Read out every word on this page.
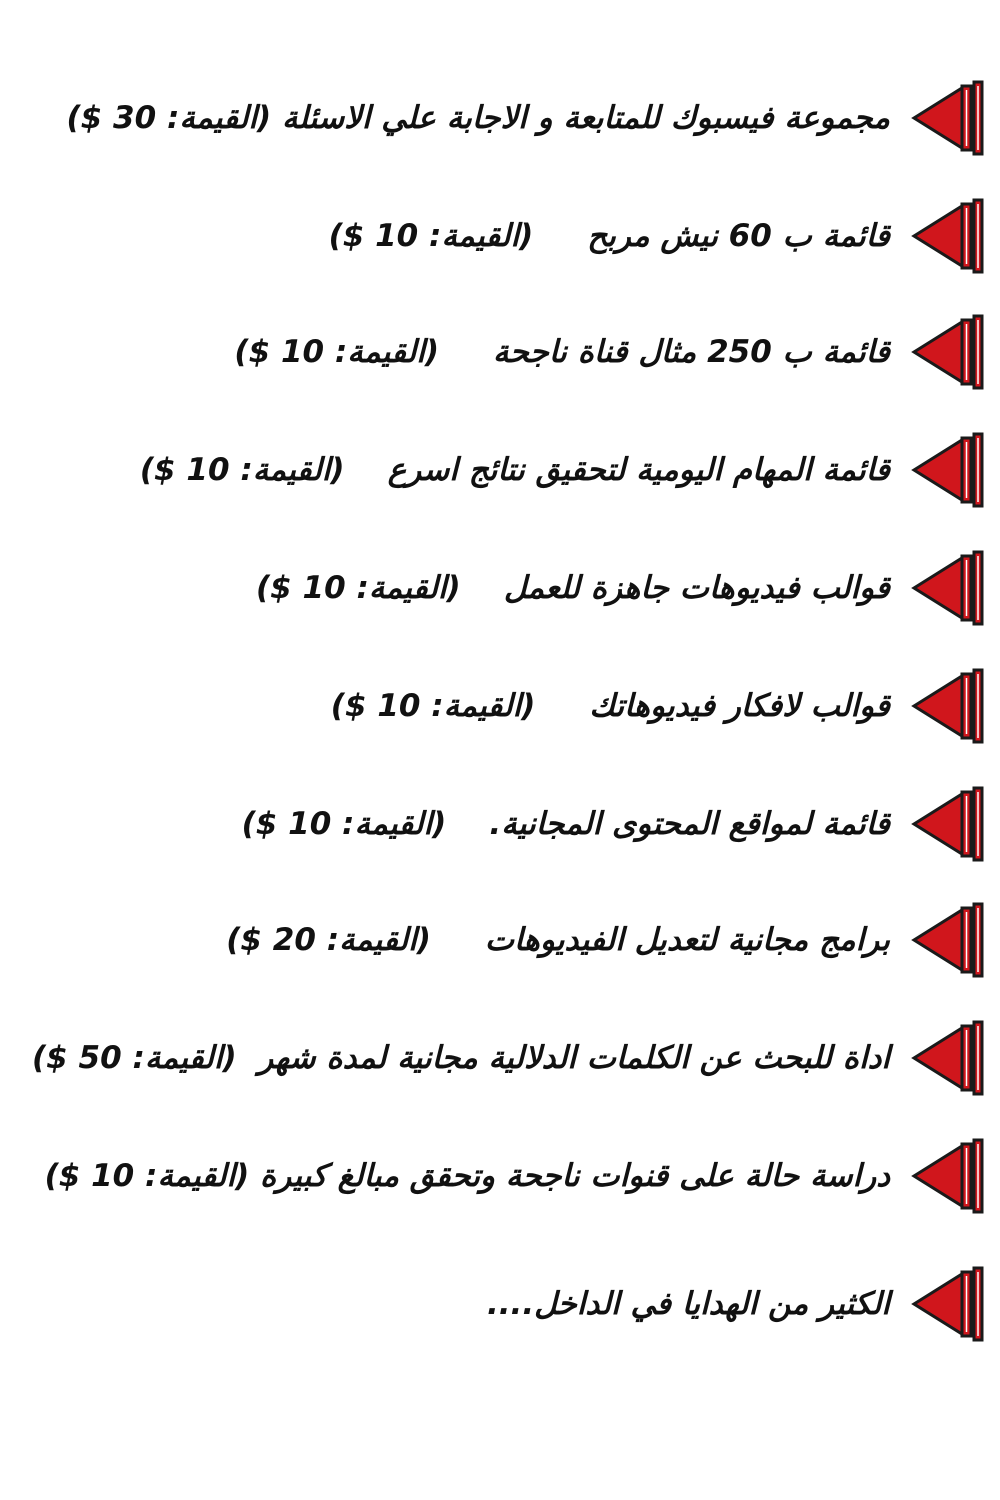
مجموعة فيسبوك للمتابعة و الاجابة علي الاسئلة (القيمة: 30 $)
قائمة ب 60 نيش مربح     (القيمة: 10 $)
قائمة ب 250 مثال قناة ناجحة     (القيمة: 10 $)
قائمة المهام اليومية لتحقيق نتائج اسرع    (القيمة: 10 $)
قوالب فيديوهات جاهزة للعمل    (القيمة: 10 $)
قوالب لافكار فيديوهاتك     (القيمة: 10 $)
قائمة لمواقع المحتوى المجانية.    (القيمة: 10 $)
برامج مجانية لتعديل الفيديوهات     (القيمة: 20 $)
اداة للبحث عن الكلمات الدلالية مجانية لمدة شهر  (القيمة: 50 $)
دراسة حالة على قنوات ناجحة وتحقق مبالغ كبيرة (القيمة: 10 $)
الكثير من الهدايا في الداخل....
